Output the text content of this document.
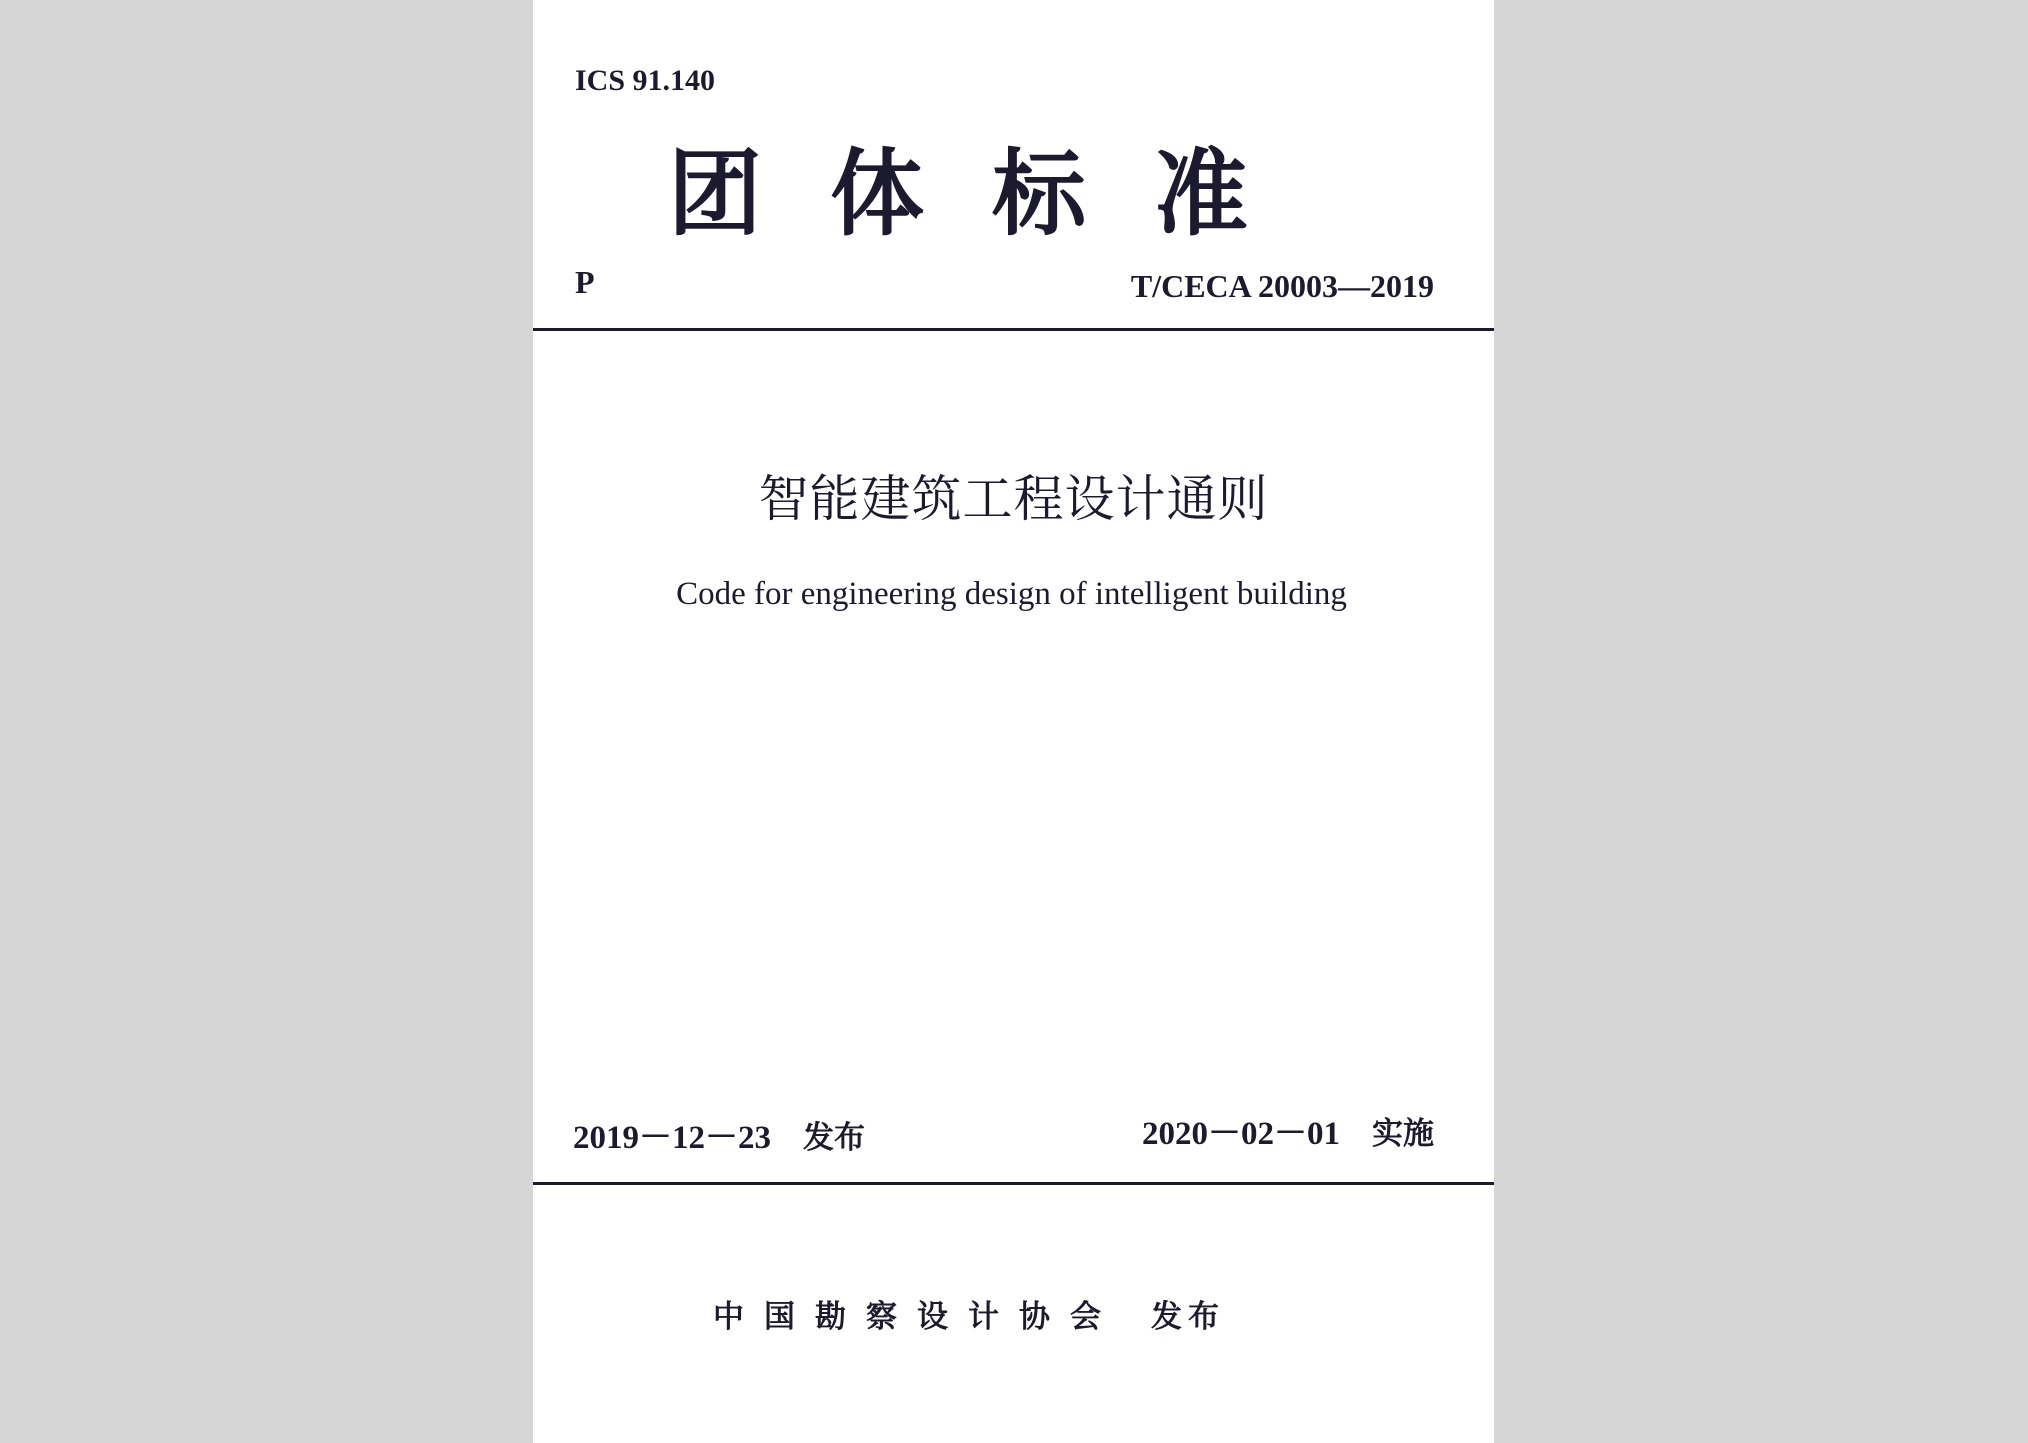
ICS 91.140
团体标准
P	T/CECA 20003—2019
智能建筑工程设计通则
Code for engineering design of intelligent building
2019－12－23 发布	2020－02－01 实施
中国勘察设计协会 发布
